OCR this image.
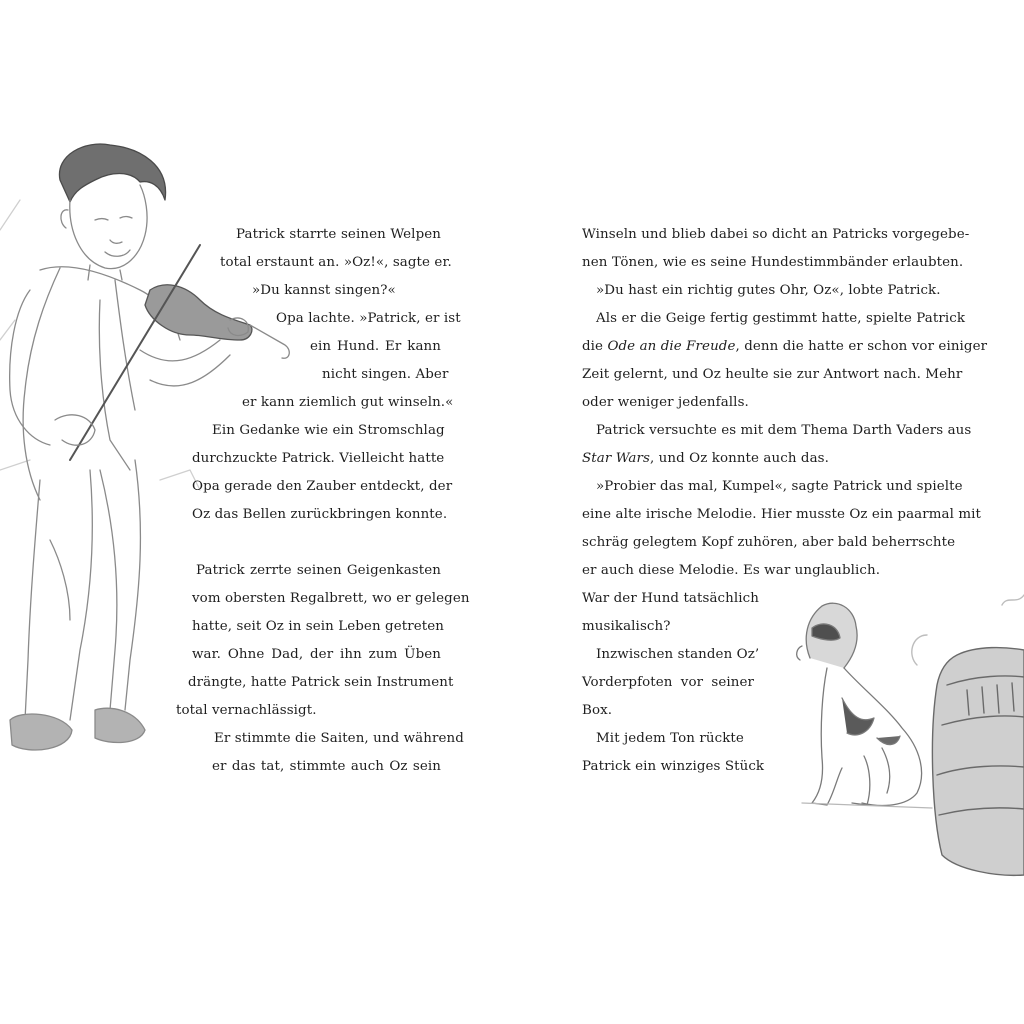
Patrick starrte seinen Welpen
total erstaunt an. »Oz!«, sagte er.
»Du kannst singen?«
Opa lachte. »Patrick, er ist
ein Hund. Er kann
nicht singen. Aber
er kann ziemlich gut winseln.«
Ein Gedanke wie ein Stromschlag
durchzuckte Patrick. Vielleicht hatte
Opa gerade den Zauber entdeckt, der
Oz das Bellen zurückbringen konnte.
Patrick zerrte seinen Geigenkasten
vom obersten Regalbrett, wo er gelegen
hatte, seit Oz in sein Leben getreten
war. Ohne Dad, der ihn zum Üben
drängte, hatte Patrick sein Instrument
total vernachlässigt.
Er stimmte die Saiten, und während
er das tat, stimmte auch Oz sein
Winseln und blieb dabei so dicht an Patricks vorgegebe-
nen Tönen, wie es seine Hundestimmbänder erlaubten.
»Du hast ein richtig gutes Ohr, Oz«, lobte Patrick.
Als er die Geige fertig gestimmt hatte, spielte Patrick
die Ode an die Freude, denn die hatte er schon vor einiger
Zeit gelernt, und Oz heulte sie zur Antwort nach. Mehr
oder weniger jedenfalls.
Patrick versuchte es mit dem Thema Darth Vaders aus
Star Wars, und Oz konnte auch das.
»Probier das mal, Kumpel«, sagte Patrick und spielte
eine alte irische Melodie. Hier musste Oz ein paarmal mit
schräg gelegtem Kopf zuhören, aber bald beherrschte
er auch diese Melodie. Es war unglaublich.
War der Hund tatsächlich
musikalisch?
Inzwischen standen Oz’
Vorderpfoten vor seiner
Box.
Mit jedem Ton rückte
Patrick ein winziges Stück
